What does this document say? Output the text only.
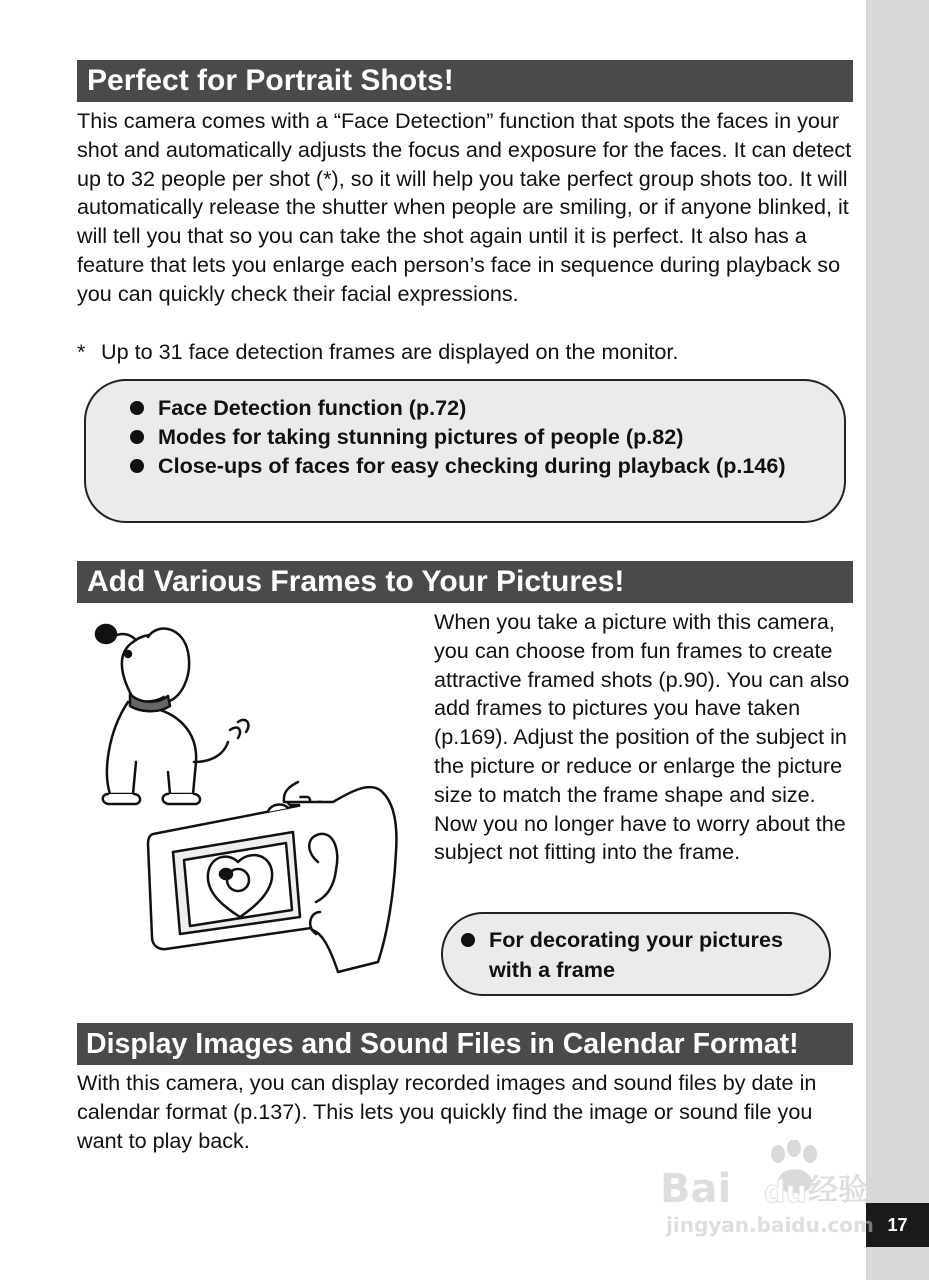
17
Perfect for Portrait Shots!

This camera comes with a “Face Detection” function that spots the faces in your shot and automatically adjusts the focus and exposure for the faces. It can detect up to 32 people per shot (*), so it will help you take perfect group shots too. It will automatically release the shutter when people are smiling, or if anyone blinked, it will tell you that so you can take the shot again until it is perfect. It also has a feature that lets you enlarge each person’s face in sequence during playback so you can quickly check their facial expressions.

* Up to 31 face detection frames are displayed on the monitor.

Face Detection function (p.72)
Modes for taking stunning pictures of people (p.82)
Close-ups of faces for easy checking during playback (p.146)
Add Various Frames to Your Pictures!

When you take a picture with this camera, you can choose from fun frames to create attractive framed shots (p.90). You can also add frames to pictures you have taken (p.169). Adjust the position of the subject in the picture or reduce or enlarge the picture size to match the frame shape and size. Now you no longer have to worry about the subject not fitting into the frame.

For decorating your pictures with a frame
Display Images and Sound Files in Calendar Format!

With this camera, you can display recorded images and sound files by date in calendar format (p.137). This lets you quickly find the image or sound file you want to play back.

Bai du 经验
jingyan.baidu.com
